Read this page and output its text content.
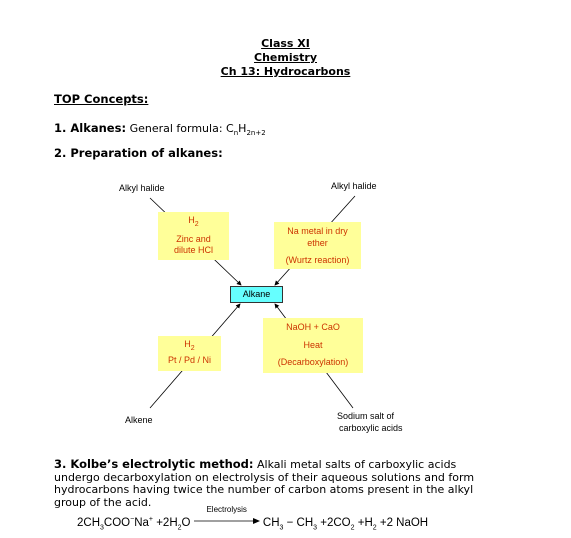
Class XI
Chemistry
Ch 13: Hydrocarbons
TOP Concepts:
1. Alkanes: General formula: $C_nH_{2n+2}$
2. Preparation of alkanes:
Alkyl halide	Alkyl halide
Alkene	Sodium salt of
carboxylic acids
$H_2$
Zinc and
dilute HCl
Na metal in dry
ether
(Wurtz reaction)
$H_2$
Pt / Pd / Ni
NaOH + CaO
Heat
(Decarboxylation)
Alkane
3. Kolbe’s electrolytic method: Alkali metal salts of carboxylic acids
undergo decarboxylation on electrolysis of their aqueous solutions and form
hydrocarbons having twice the number of carbon atoms present in the alkyl
group of the acid.
$2CH_3COO^-Na^+ +2H_2O$
Electrolysis
$CH_3 - CH_3 +2CO_2 +H_2 +2$ NaOH
